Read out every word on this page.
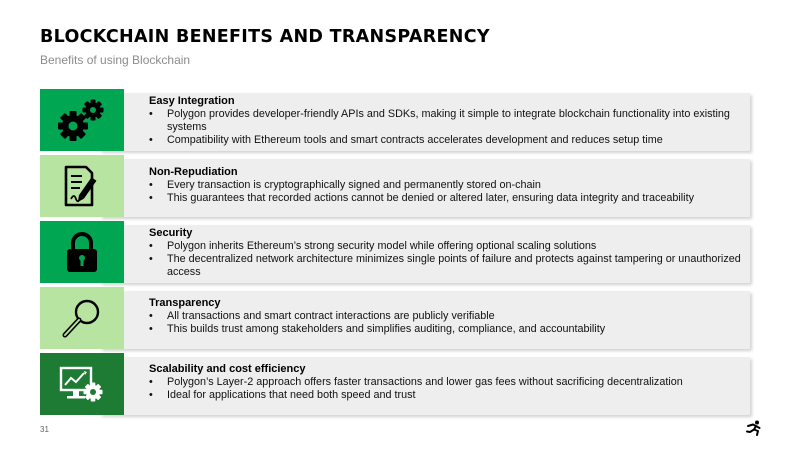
BLOCKCHAIN BENEFITS AND TRANSPARENCY
Benefits of using Blockchain
Easy Integration
• Polygon provides developer-friendly APIs and SDKs, making it simple to integrate blockchain functionality into existing systems
• Compatibility with Ethereum tools and smart contracts accelerates development and reduces setup time
Non-Repudiation
• Every transaction is cryptographically signed and permanently stored on-chain
• This guarantees that recorded actions cannot be denied or altered later, ensuring data integrity and traceability
Security
• Polygon inherits Ethereum’s strong security model while offering optional scaling solutions
• The decentralized network architecture minimizes single points of failure and protects against tampering or unauthorized access
Transparency
• All transactions and smart contract interactions are publicly verifiable
• This builds trust among stakeholders and simplifies auditing, compliance, and accountability
Scalability and cost efficiency
• Polygon’s Layer-2 approach offers faster transactions and lower gas fees without sacrificing decentralization
• Ideal for applications that need both speed and trust
31
